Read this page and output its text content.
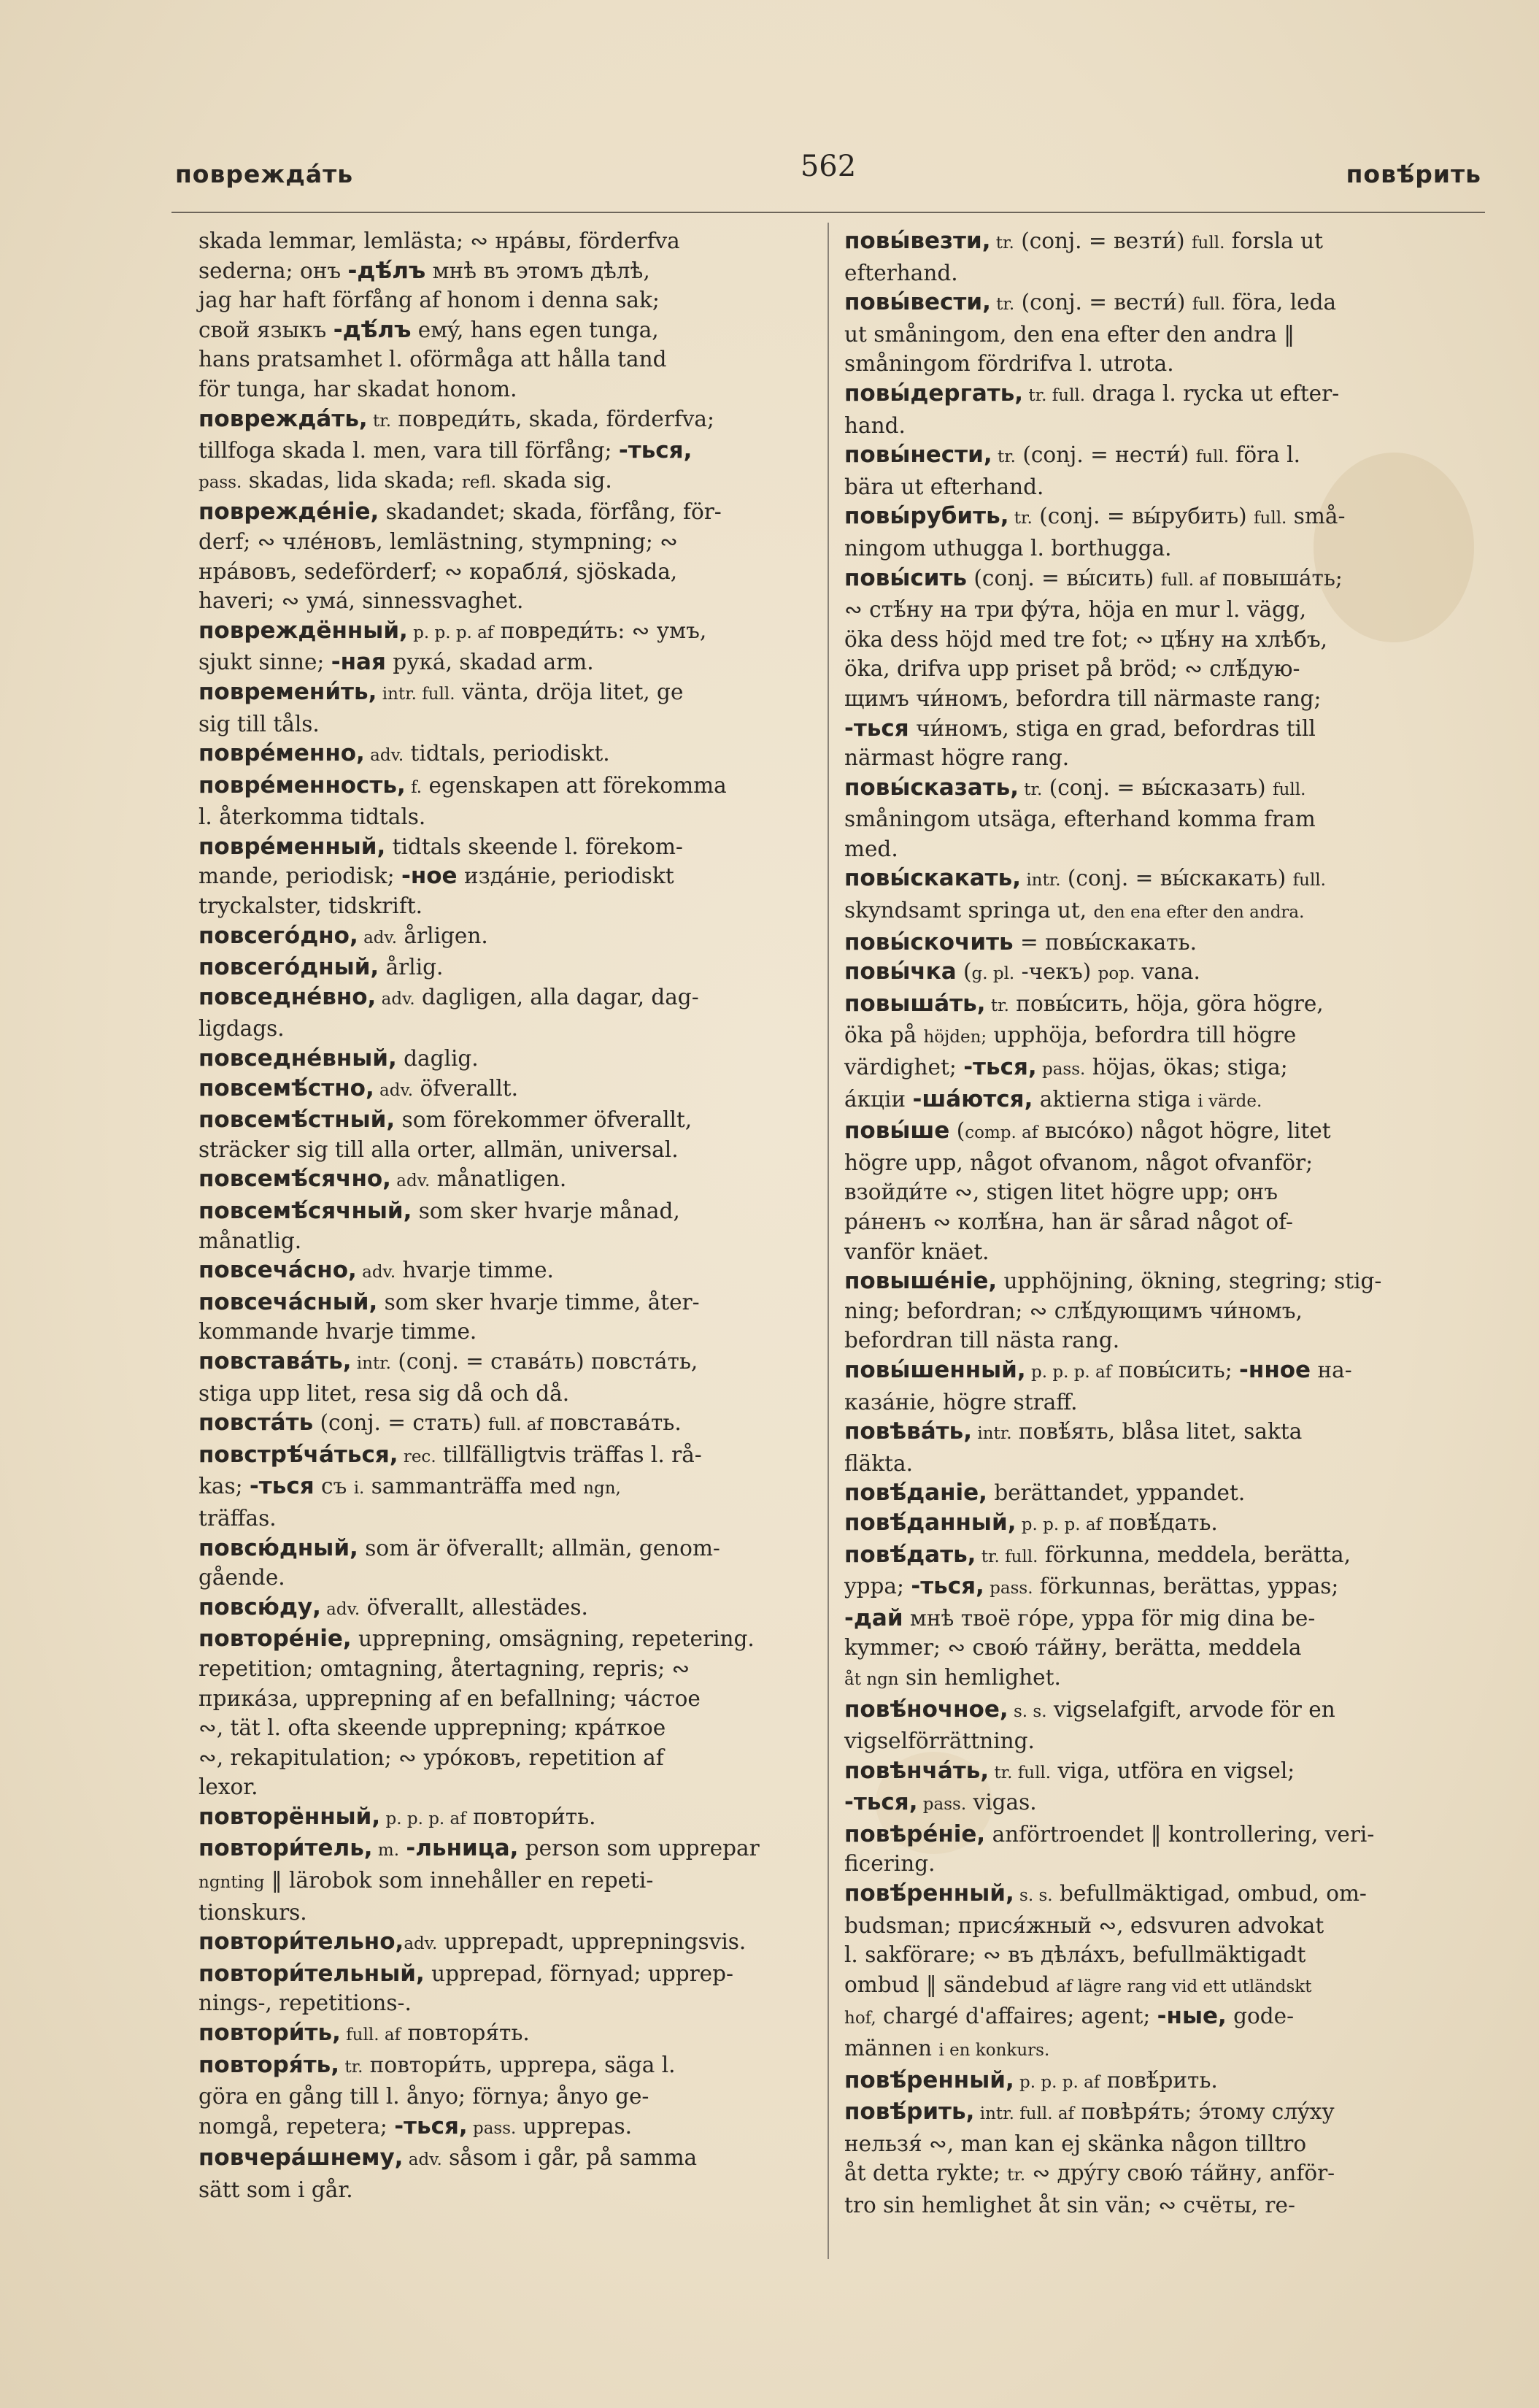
повреждáть	562	повѣ́рить
skada lemmar, lemlästa; ∾ нрáвы, förderfva
sederna; онъ -дѣ́лъ мнѣ въ этомъ дѣлѣ,
jag har haft förfång af honom i denna sak;
свой языкъ -дѣ́лъ емý, hans egen tunga,
hans pratsamhet l. oförmåga att hålla tand
för tunga, har skadat honom.
повреждáть, tr. повреди́ть, skada, förderfva;
tillfoga skada l. men, vara till förfång; -ться,
pass. skadas, lida skada; refl. skada sig.
поврежде́ніе, skadandet; skada, förfång, för-
derf; ∾ члéновъ, lemlästning, stympning; ∾
нрáвовъ, sedeförderf; ∾ корабля́, sjöskada,
haveri; ∾ умá, sinnessvaghet.
повреждённый, p. p. p. af повреди́ть: ∾ умъ,
sjukt sinne; -ная рукá, skadad arm.
повремени́ть, intr. full. vänta, dröja litet, ge
sig till tåls.
повре́менно, adv. tidtals, periodiskt.
повре́менность, f. egenskapen att förekomma
l. återkomma tidtals.
повре́менный, tidtals skeende l. förekom-
mande, periodisk; -ное издáніе, periodiskt
tryckalster, tidskrift.
повсего́дно, adv. årligen.
повсего́дный, årlig.
повседне́вно, adv. dagligen, alla dagar, dag-
ligdags.
повседне́вный, daglig.
повсемѣ́стно, adv. öfverallt.
повсемѣ́стный, som förekommer öfverallt,
sträcker sig till alla orter, allmän, universal.
повсемѣ́сячно, adv. månatligen.
повсемѣ́сячный, som sker hvarje månad,
månatlig.
повсечáсно, adv. hvarje timme.
повсечáсный, som sker hvarje timme, åter-
kommande hvarje timme.
повставáть, intr. (conj. = ставáть) повстáть,
stiga upp litet, resa sig då och då.
повстáть (conj. = стать) full. af повставáть.
повстрѣ́чáться, rec. tillfälligtvis träffas l. rå-
kas; -ться съ i. sammanträffa med ngn,
träffas.
повсю́дный, som är öfverallt; allmän, genom-
gående.
повсю́ду, adv. öfverallt, allestädes.
повторе́ніе, upprepning, omsägning, repetering.
repetition; omtagning, återtagning, repris; ∾
прикáза, upprepning af en befallning; чáстое
∾, tät l. ofta skeende upprepning; крáткое
∾, rekapitulation; ∾ уро́ковъ, repetition af
lexor.
повторённый, p. p. p. af повтори́ть.
повтори́тель, m. -льница, person som upprepar
ngnting ‖ lärobok som innehåller en repeti-
tionskurs.
повтори́тельно,adv. upprepadt, upprepningsvis.
повтори́тельный, upprepad, förnyad; upprep-
nings-, repetitions-.
повтори́ть, full. af повторя́ть.
повторя́ть, tr. повтори́ть, upprepa, säga l.
göra en gång till l. ånyo; förnya; ånyo ge-
nomgå, repetera; -ться, pass. upprepas.
повчерáшнему, adv. såsom i går, på samma
sätt som i går.
повы́везти, tr. (conj. = везти́) full. forsla ut
efterhand.
повы́вести, tr. (conj. = вести́) full. föra, leda
ut småningom, den ena efter den andra ‖
småningom fördrifva l. utrota.
повы́дергать, tr. full. draga l. rycka ut efter-
hand.
повы́нести, tr. (conj. = нести́) full. föra l.
bära ut efterhand.
повы́рубить, tr. (conj. = вы́рубить) full. små-
ningom uthugga l. borthugga.
повы́сить (conj. = вы́сить) full. af повышáть;
∾ стѣ́ну на три фýта, höja en mur l. vägg,
öka dess höjd med tre fot; ∾ цѣ́ну на хлѣбъ,
öka, drifva upp priset på bröd; ∾ слѣ́дую-
щимъ чи́номъ, befordra till närmaste rang;
-ться чи́номъ, stiga en grad, befordras till
närmast högre rang.
повы́сказать, tr. (conj. = вы́сказать) full.
småningom utsäga, efterhand komma fram
med.
повы́скакать, intr. (conj. = вы́скакать) full.
skyndsamt springa ut, den ena efter den andra.
повы́скочить = повы́скакать.
повы́чка (g. pl. -чекъ) pop. vana.
повышáть, tr. повы́сить, höja, göra högre,
öka på höjden; upphöja, befordra till högre
värdighet; -ться, pass. höjas, ökas; stiga;
áкціи -шáются, aktierna stiga i värde.
повы́ше (comp. af высо́ко) något högre, litet
högre upp, något ofvanom, något ofvanför;
взойди́те ∾, stigen litet högre upp; онъ
рáненъ ∾ колѣ́на, han är sårad något of-
vanför knäet.
повыше́ніе, upphöjning, ökning, stegring; stig-
ning; befordran; ∾ слѣ́дующимъ чи́номъ,
befordran till nästa rang.
повы́шенный, p. p. p. af повы́сить; -нное на-
казáніе, högre straff.
повѣвáть, intr. повѣ́ять, blåsa litet, sakta
fläkta.
повѣ́даніе, berättandet, yppandet.
повѣ́данный, p. p. p. af повѣ́дать.
повѣ́дать, tr. full. förkunna, meddela, berätta,
yppa; -ться, pass. förkunnas, berättas, yppas;
-дай мнѣ твоё го́ре, yppa för mig dina be-
kymmer; ∾ свою́ тáйну, berätta, meddela
åt ngn sin hemlighet.
повѣ́ночное, s. s. vigselafgift, arvode för en
vigselförrättning.
повѣнчáть, tr. full. viga, utföra en vigsel;
-ться, pass. vigas.
повѣре́ніе, anförtroendet ‖ kontrollering, veri-
ficering.
повѣ́ренный, s. s. befullmäktigad, ombud, om-
budsman; прися́жный ∾, edsvuren advokat
l. sakförare; ∾ въ дѣлáхъ, befullmäktigadt
ombud ‖ sändebud af lägre rang vid ett utländskt
hof, chargé d'affaires; agent; -ные, gode-
männen i en konkurs.
повѣ́ренный, p. p. p. af повѣ́рить.
повѣ́рить, intr. full. af повѣря́ть; э́тому слýху
нельзя́ ∾, man kan ej skänka någon tilltro
åt detta rykte; tr. ∾ дрýгу свою́ тáйну, anför-
tro sin hemlighet åt sin vän; ∾ счёты, re-
